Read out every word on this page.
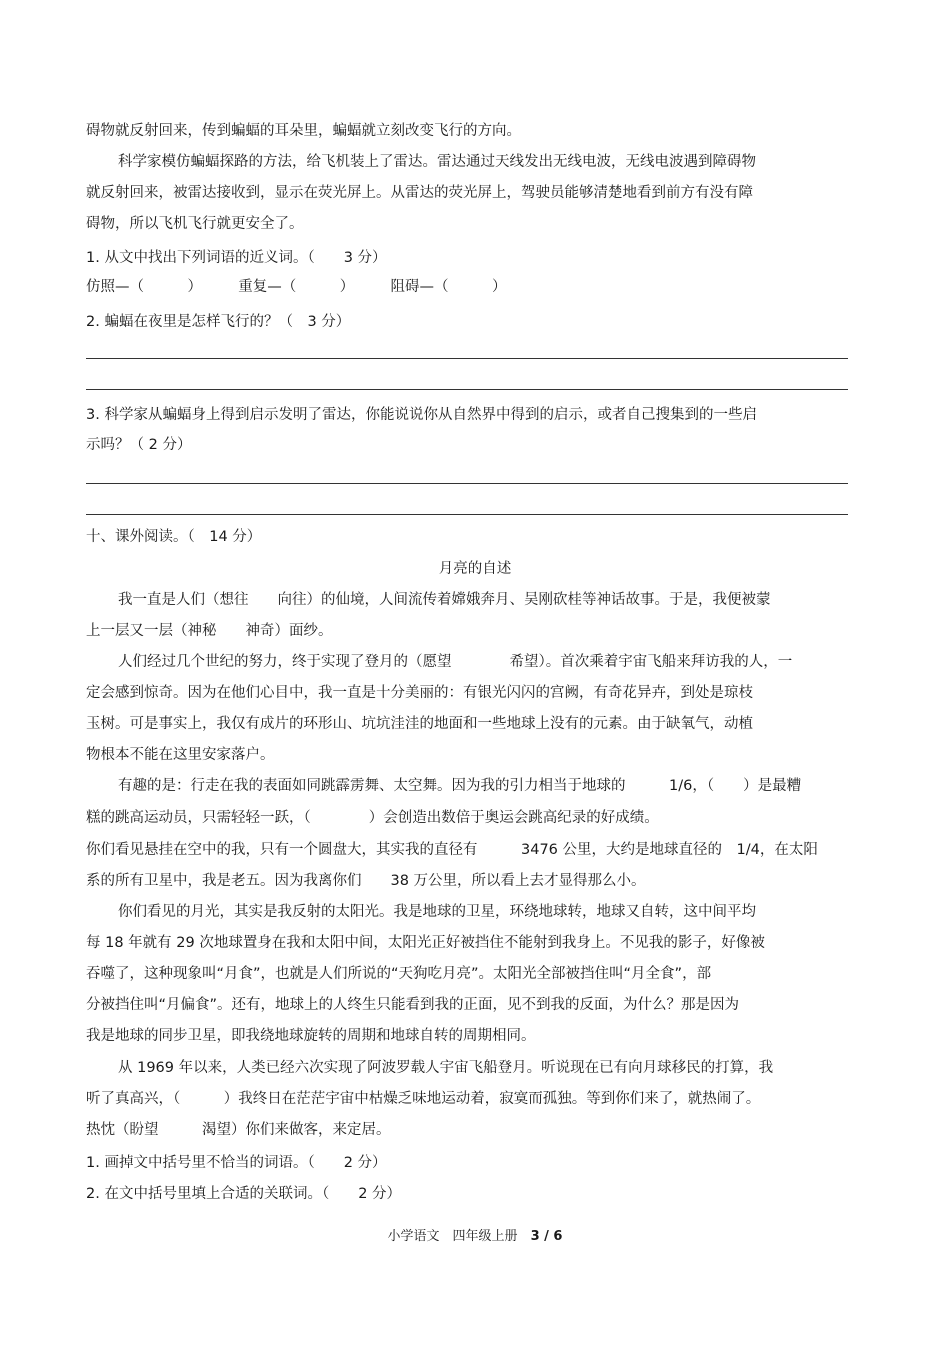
碍物就反射回来，传到蝙蝠的耳朵里，蝙蝠就立刻改变飞行的方向。
科学家模仿蝙蝠探路的方法，给飞机装上了雷达。雷达通过天线发出无线电波，无线电波遇到障碍物
就反射回来，被雷达接收到，显示在荧光屏上。从雷达的荧光屏上，驾驶员能够清楚地看到前方有没有障
碍物，所以飞机飞行就更安全了。
1. 从文中找出下列词语的近义词。（　　3 分）
仿照—（　　　）　　　重复—（　　　）　　　阻碍—（　　　）
2. 蝙蝠在夜里是怎样飞行的？（　3 分）
3. 科学家从蝙蝠身上得到启示发明了雷达，你能说说你从自然界中得到的启示，或者自己搜集到的一些启
示吗？（ 2 分）
十、课外阅读。（　14 分）
月亮的自述
我一直是人们（想往　　向往）的仙境，人间流传着嫦娥奔月、吴刚砍桂等神话故事。于是，我便被蒙
上一层又一层（神秘　　神奇）面纱。
人们经过几个世纪的努力，终于实现了登月的（愿望　　　　希望）。首次乘着宇宙飞船来拜访我的人，一
定会感到惊奇。因为在他们心目中，我一直是十分美丽的：有银光闪闪的宫阙，有奇花异卉，到处是琼枝
玉树。可是事实上，我仅有成片的环形山、坑坑洼洼的地面和一些地球上没有的元素。由于缺氧气，动植
物根本不能在这里安家落户。
有趣的是：行走在我的表面如同跳霹雳舞、太空舞。因为我的引力相当于地球的　　　1/6，（　　）是最糟
糕的跳高运动员，只需轻轻一跃，（　　　　）会创造出数倍于奥运会跳高纪录的好成绩。
你们看见悬挂在空中的我，只有一个圆盘大，其实我的直径有　　　3476 公里，大约是地球直径的　1/4，在太阳
系的所有卫星中，我是老五。因为我离你们　　38 万公里，所以看上去才显得那么小。
你们看见的月光，其实是我反射的太阳光。我是地球的卫星，环绕地球转，地球又自转，这中间平均
每 18 年就有 29 次地球置身在我和太阳中间，太阳光正好被挡住不能射到我身上。不见我的影子，好像被
吞噬了，这种现象叫“月食”，也就是人们所说的“天狗吃月亮”。太阳光全部被挡住叫“月全食”，部
分被挡住叫“月偏食”。还有，地球上的人终生只能看到我的正面，见不到我的反面，为什么？那是因为
我是地球的同步卫星，即我绕地球旋转的周期和地球自转的周期相同。
从 1969 年以来，人类已经六次实现了阿波罗载人宇宙飞船登月。听说现在已有向月球移民的打算，我
听了真高兴，（　　　）我终日在茫茫宇宙中枯燥乏味地运动着，寂寞而孤独。等到你们来了，就热闹了。
热忱（盼望　　　渴望）你们来做客，来定居。
1. 画掉文中括号里不恰当的词语。（　　2 分）
2. 在文中括号里填上合适的关联词。（　　2 分）
小学语文　四年级上册　3 / 6
